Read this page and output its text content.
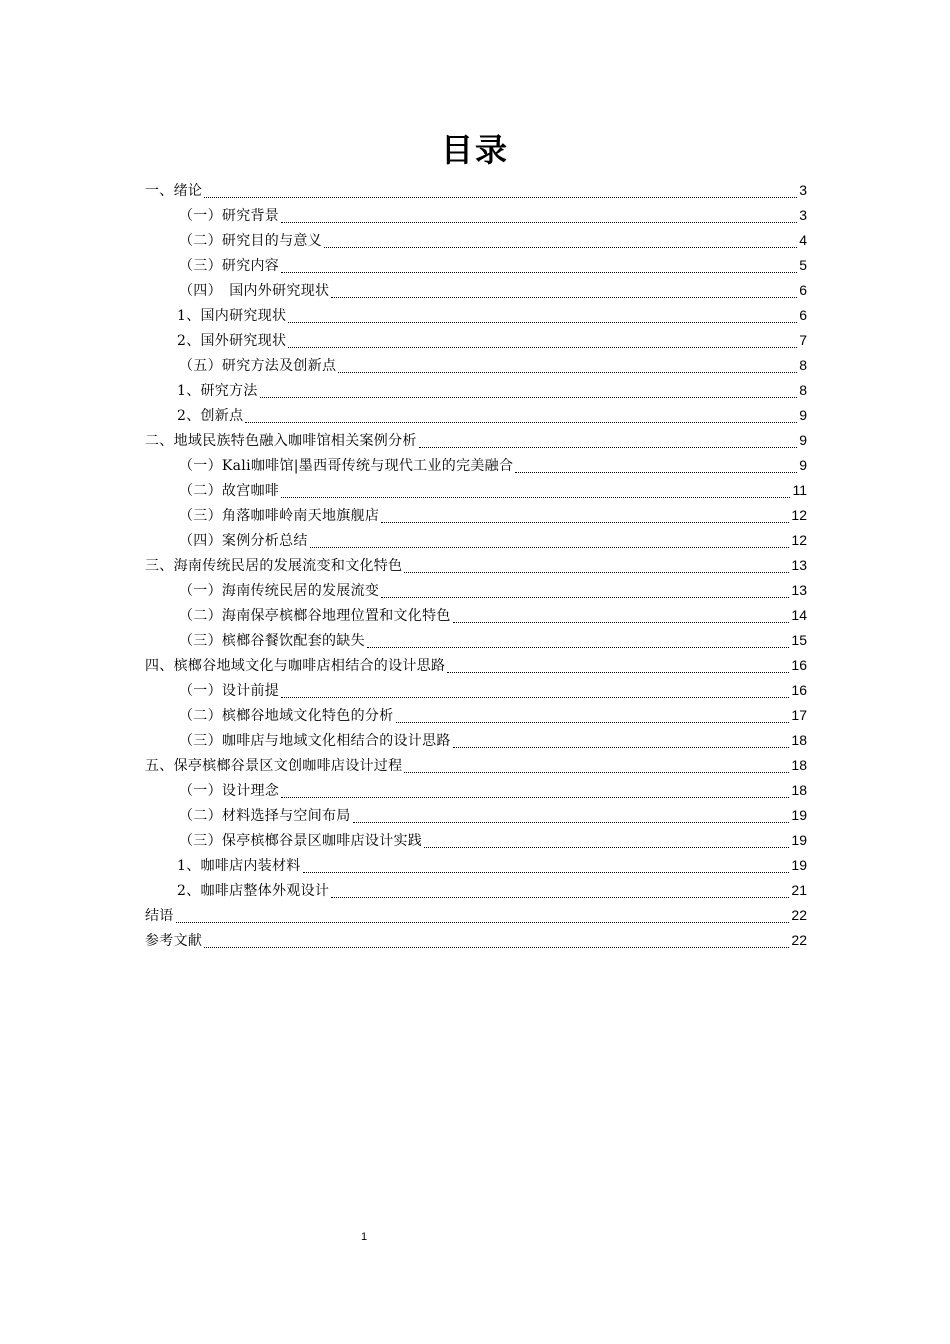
目录
一、绪论	3
（一）研究背景	3
（二）研究目的与意义	4
（三）研究内容	5
（四）　国内外研究现状	6
1、国内研究现状	6
2、国外研究现状	7
（五）研究方法及创新点	8
1、研究方法	8
2、创新点	9
二、地域民族特色融入咖啡馆相关案例分析	9
（一）Kali咖啡馆|墨西哥传统与现代工业的完美融合	9
（二）故宫咖啡	11
（三）角落咖啡岭南天地旗舰店	12
（四）案例分析总结	12
三、海南传统民居的发展流变和文化特色	13
（一）海南传统民居的发展流变	13
（二）海南保亭槟榔谷地理位置和文化特色	14
（三）槟榔谷餐饮配套的缺失	15
四、槟榔谷地域文化与咖啡店相结合的设计思路	16
（一）设计前提	16
（二）槟榔谷地域文化特色的分析	17
（三）咖啡店与地域文化相结合的设计思路	18
五、保亭槟榔谷景区文创咖啡店设计过程	18
（一）设计理念	18
（二）材料选择与空间布局	19
（三）保亭槟榔谷景区咖啡店设计实践	19
1、咖啡店内装材料	19
2、咖啡店整体外观设计	21
结语	22
参考文献	22
1
